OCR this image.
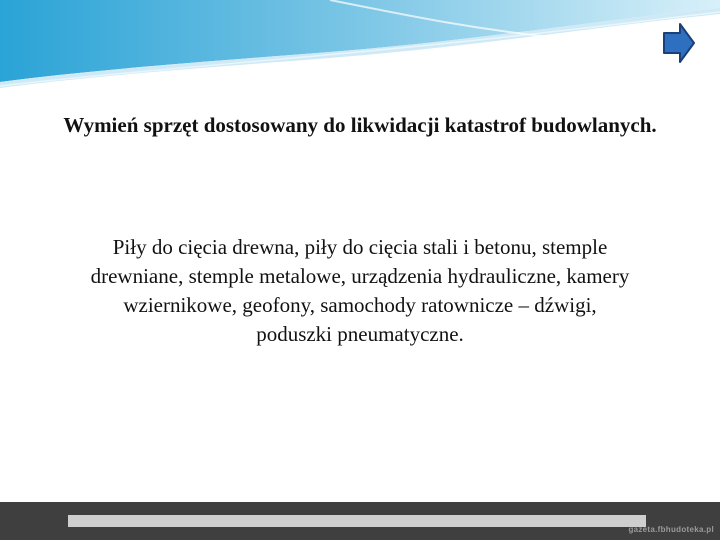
Wymień sprzęt dostosowany do likwidacji katastrof budowlanych.
Piły do cięcia drewna, piły do cięcia stali i betonu, stemple drewniane, stemple metalowe, urządzenia hydrauliczne, kamery wziernikowe, geofony, samochody ratownicze – dźwigi, poduszki pneumatyczne.
gazeta.fbhudoteka.pl
